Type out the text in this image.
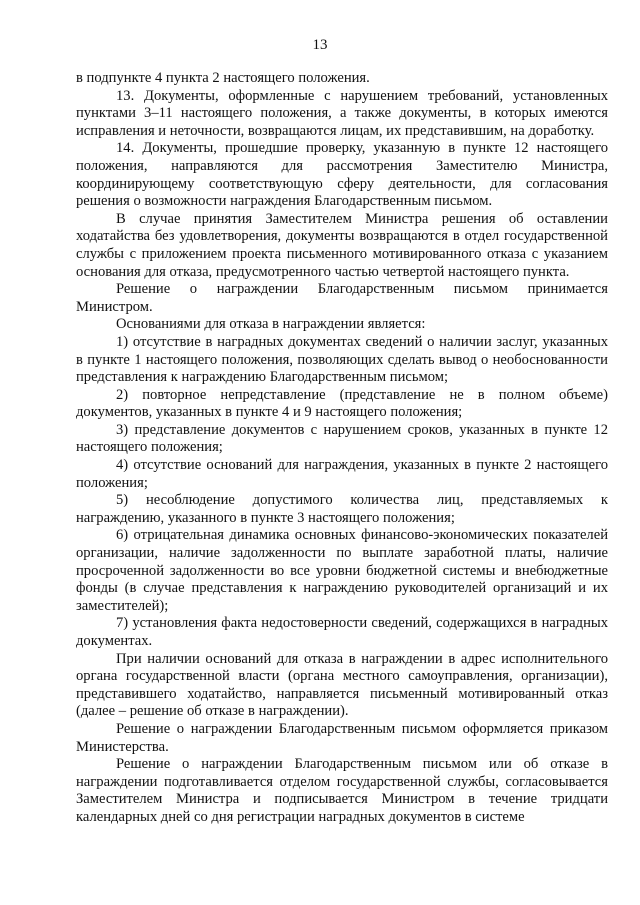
13

в подпункте 4 пункта 2 настоящего положения.

13. Документы, оформленные с нарушением требований, установленных пунктами 3–11 настоящего положения, а также документы, в которых имеются исправления и неточности, возвращаются лицам, их представившим, на доработку.

14. Документы, прошедшие проверку, указанную в пункте 12 настоящего положения, направляются для рассмотрения Заместителю Министра, координирующему соответствующую сферу деятельности, для согласования решения о возможности награждения Благодарственным письмом.

В случае принятия Заместителем Министра решения об оставлении ходатайства без удовлетворения, документы возвращаются в отдел государственной службы с приложением проекта письменного мотивированного отказа с указанием основания для отказа, предусмотренного частью четвертой настоящего пункта.

Решение о награждении Благодарственным письмом принимается Министром.

Основаниями для отказа в награждении является:

1) отсутствие в наградных документах сведений о наличии заслуг, указанных в пункте 1 настоящего положения, позволяющих сделать вывод о необоснованности представления к награждению Благодарственным письмом;

2) повторное непредставление (представление не в полном объеме) документов, указанных в пункте 4 и 9 настоящего положения;

3) представление документов с нарушением сроков, указанных в пункте 12 настоящего положения;

4) отсутствие оснований для награждения, указанных в пункте 2 настоящего положения;

5) несоблюдение допустимого количества лиц, представляемых к награждению, указанного в пункте 3 настоящего положения;

6) отрицательная динамика основных финансово-экономических показателей организации, наличие задолженности по выплате заработной платы, наличие просроченной задолженности во все уровни бюджетной системы и внебюджетные фонды (в случае представления к награждению руководителей организаций и их заместителей);

7) установления факта недостоверности сведений, содержащихся в наградных документах.

При наличии оснований для отказа в награждении в адрес исполнительного органа государственной власти (органа местного самоуправления, организации), представившего ходатайство, направляется письменный мотивированный отказ (далее – решение об отказе в награждении).

Решение о награждении Благодарственным письмом оформляется приказом Министерства.

Решение о награждении Благодарственным письмом или об отказе в награждении подготавливается отделом государственной службы, согласовывается Заместителем Министра и подписывается Министром в течение тридцати календарных дней со дня регистрации наградных документов в системе
